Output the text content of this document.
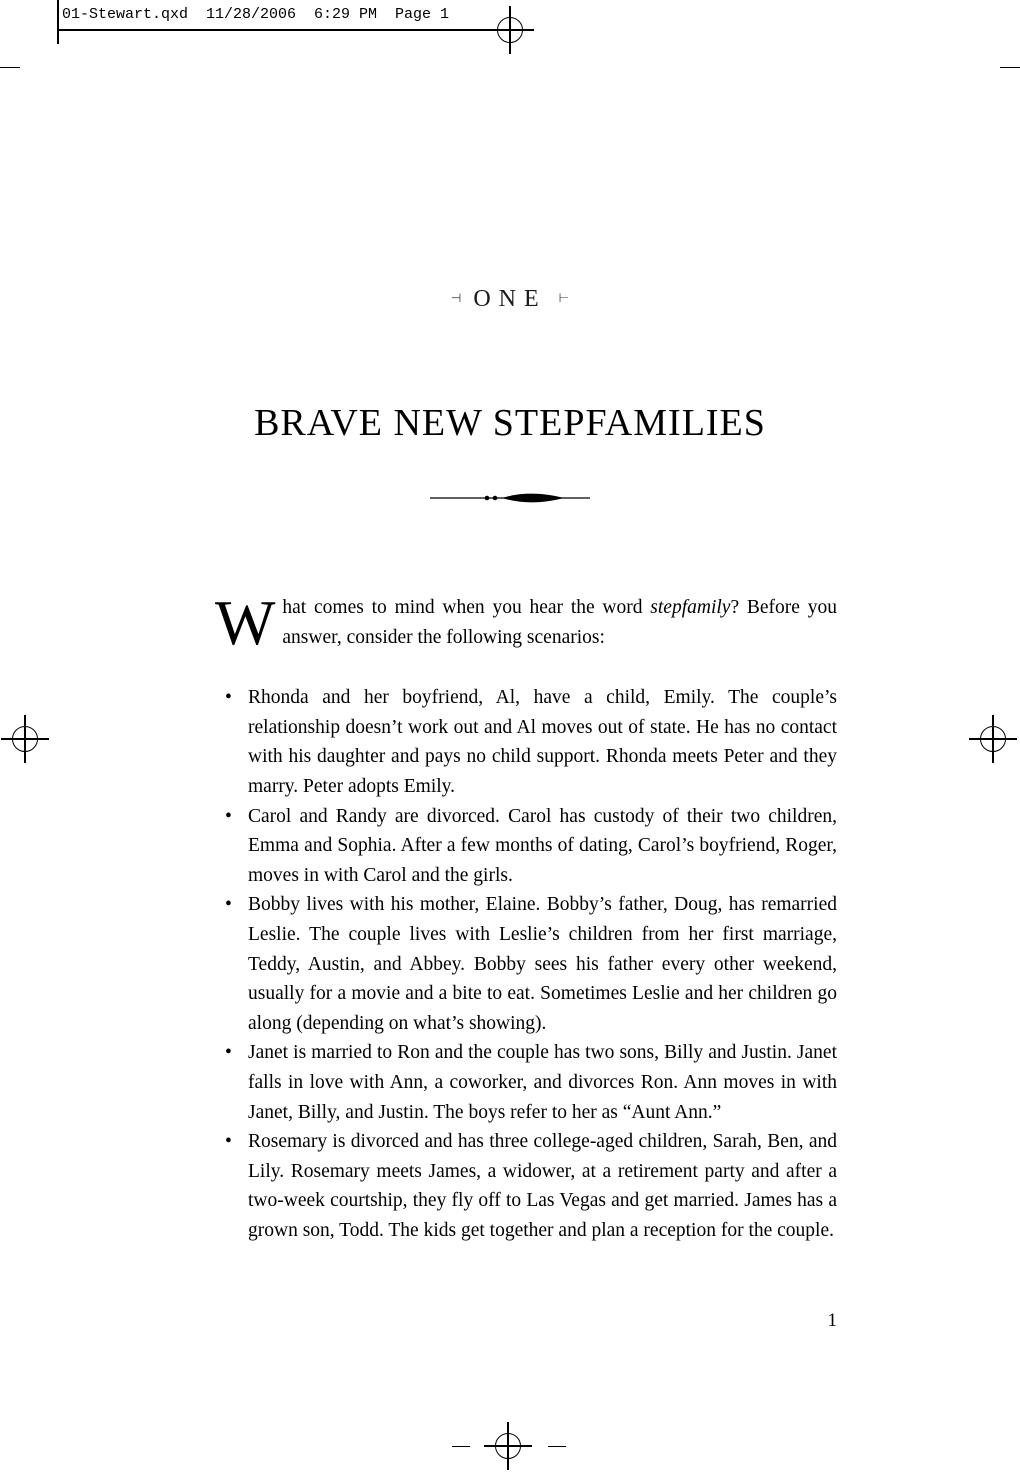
01-Stewart.qxd  11/28/2006  6:29 PM  Page 1
⊣ ONE ⊢
BRAVE NEW STEPFAMILIES

What comes to mind when you hear the word stepfamily? Before you answer, consider the following scenarios:

• Rhonda and her boyfriend, Al, have a child, Emily. The couple’s relationship doesn’t work out and Al moves out of state. He has no contact with his daughter and pays no child support. Rhonda meets Peter and they marry. Peter adopts Emily.
• Carol and Randy are divorced. Carol has custody of their two children, Emma and Sophia. After a few months of dating, Carol’s boyfriend, Roger, moves in with Carol and the girls.
• Bobby lives with his mother, Elaine. Bobby’s father, Doug, has remarried Leslie. The couple lives with Leslie’s children from her first marriage, Teddy, Austin, and Abbey. Bobby sees his father every other weekend, usually for a movie and a bite to eat. Sometimes Leslie and her children go along (depending on what’s showing).
• Janet is married to Ron and the couple has two sons, Billy and Justin. Janet falls in love with Ann, a coworker, and divorces Ron. Ann moves in with Janet, Billy, and Justin. The boys refer to her as “Aunt Ann.”
• Rosemary is divorced and has three college-aged children, Sarah, Ben, and Lily. Rosemary meets James, a widower, at a retirement party and after a two-week courtship, they fly off to Las Vegas and get married. James has a grown son, Todd. The kids get together and plan a reception for the couple.
1
